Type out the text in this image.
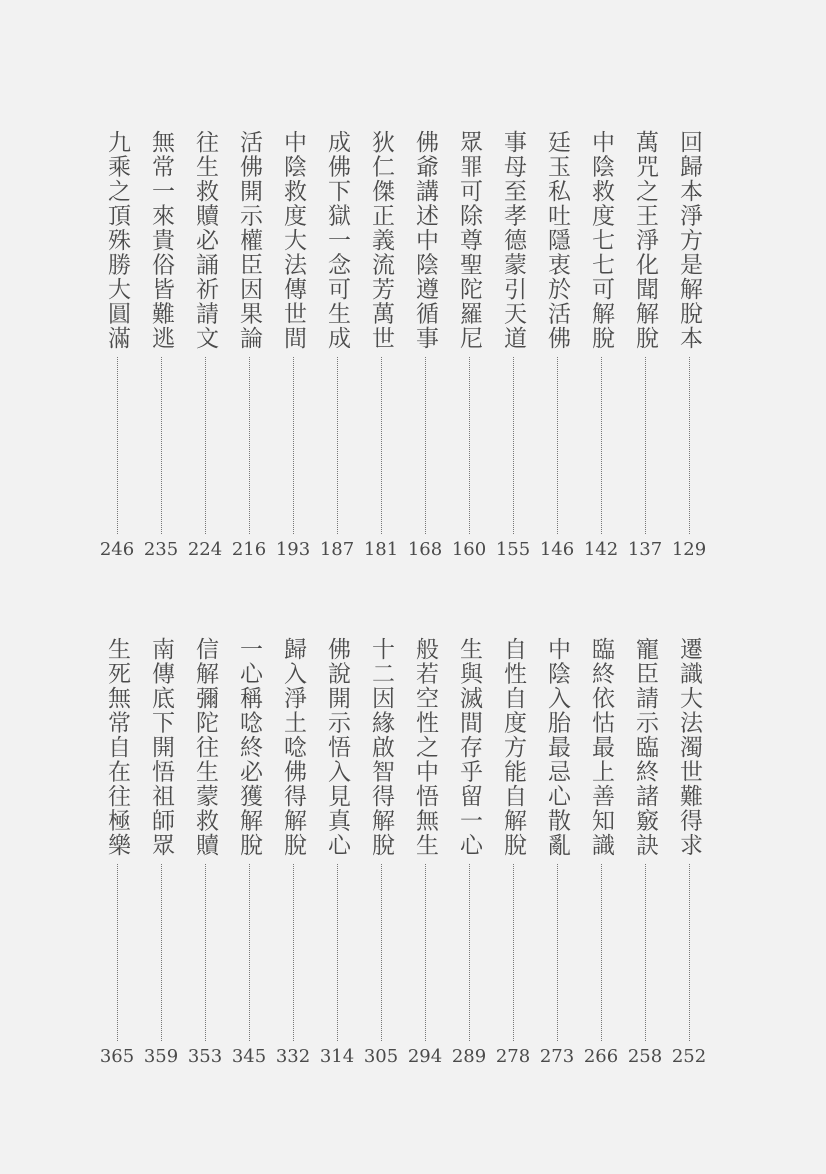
回歸本淨方是解脫本
129
萬咒之王淨化聞解脫
137
中陰救度七七可解脫
142
廷玉私吐隱衷於活佛
146
事母至孝德蒙引天道
155
眾罪可除尊聖陀羅尼
160
佛爺講述中陰遵循事
168
狄仁傑正義流芳萬世
181
成佛下獄一念可生成
187
中陰救度大法傳世間
193
活佛開示權臣因果論
216
往生救贖必誦祈請文
224
無常一來貴俗皆難逃
235
九乘之頂殊勝大圓滿
246
遷識大法濁世難得求
252
寵臣請示臨終諸竅訣
258
臨終依怙最上善知識
266
中陰入胎最忌心散亂
273
自性自度方能自解脫
278
生與滅間存乎留一心
289
般若空性之中悟無生
294
十二因緣啟智得解脫
305
佛說開示悟入見真心
314
歸入淨土唸佛得解脫
332
一心稱唸終必獲解脫
345
信解彌陀往生蒙救贖
353
南傳底下開悟祖師眾
359
生死無常自在往極樂
365
